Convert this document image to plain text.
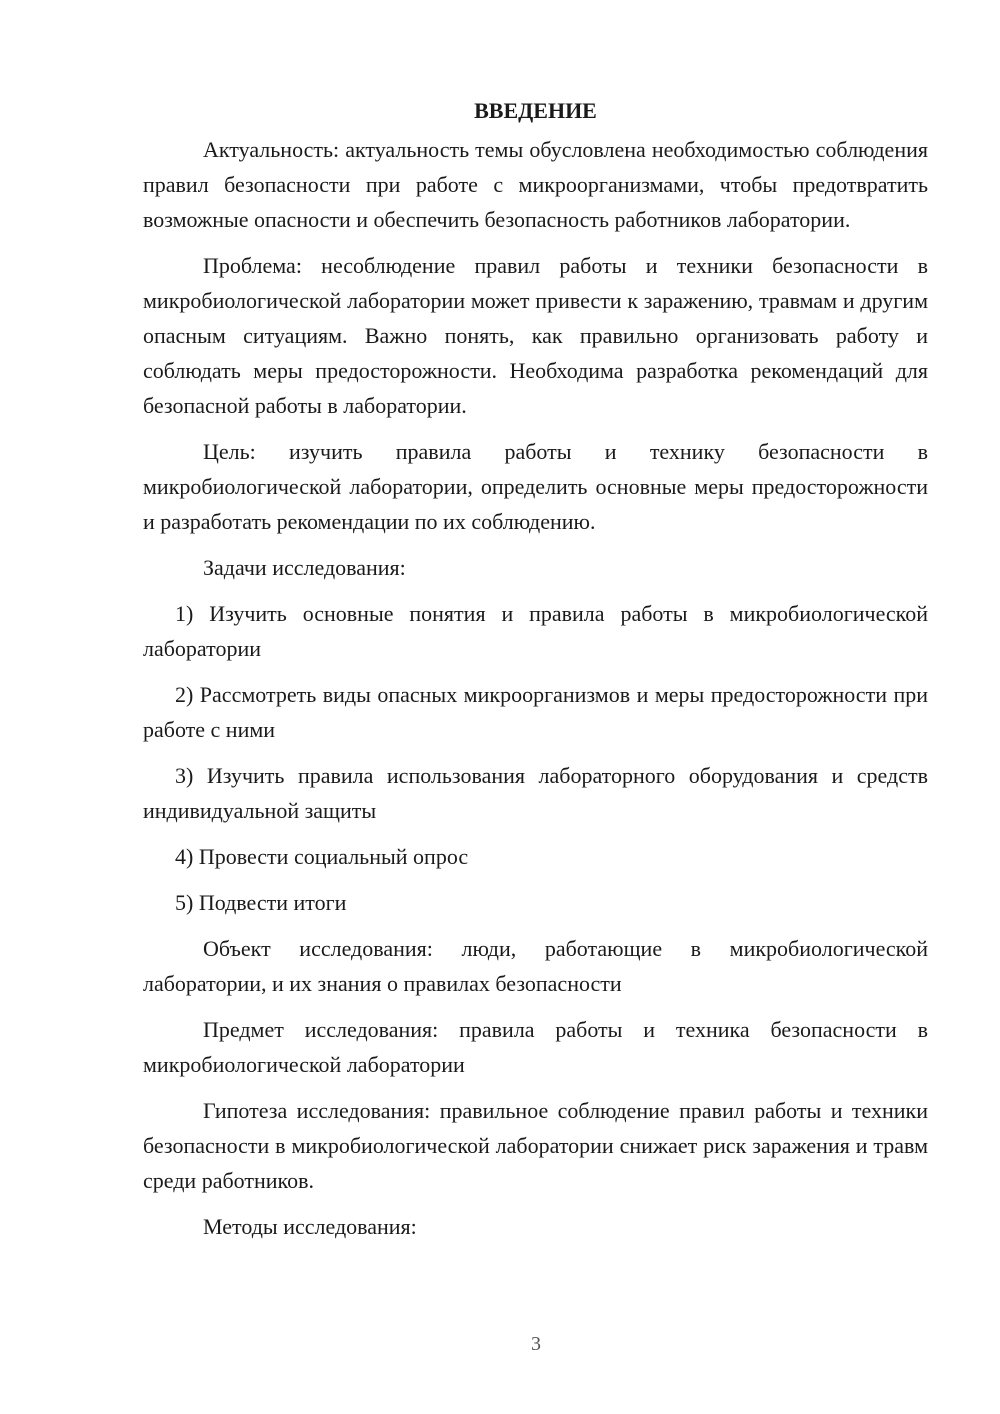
ВВЕДЕНИЕ

Актуальность: актуальность темы обусловлена необходимостью соблюдения правил безопасности при работе с микроорганизмами, чтобы предотвратить возможные опасности и обеспечить безопасность работников лаборатории.

Проблема: несоблюдение правил работы и техники безопасности в микробиологической лаборатории может привести к заражению, травмам и другим опасным ситуациям. Важно понять, как правильно организовать работу и соблюдать меры предосторожности. Необходима разработка рекомендаций для безопасной работы в лаборатории.

Цель: изучить правила работы и технику безопасности в микробиологической лаборатории, определить основные меры предосторожности и разработать рекомендации по их соблюдению.

Задачи исследования:

1) Изучить основные понятия и правила работы в микробиологической лаборатории

2) Рассмотреть виды опасных микроорганизмов и меры предосторожности при работе с ними

3) Изучить правила использования лабораторного оборудования и средств индивидуальной защиты

4) Провести социальный опрос

5) Подвести итоги

Объект исследования: люди, работающие в микробиологической лаборатории, и их знания о правилах безопасности

Предмет исследования: правила работы и техника безопасности в микробиологической лаборатории

Гипотеза исследования: правильное соблюдение правил работы и техники безопасности в микробиологической лаборатории снижает риск заражения и травм среди работников.

Методы исследования:

3
